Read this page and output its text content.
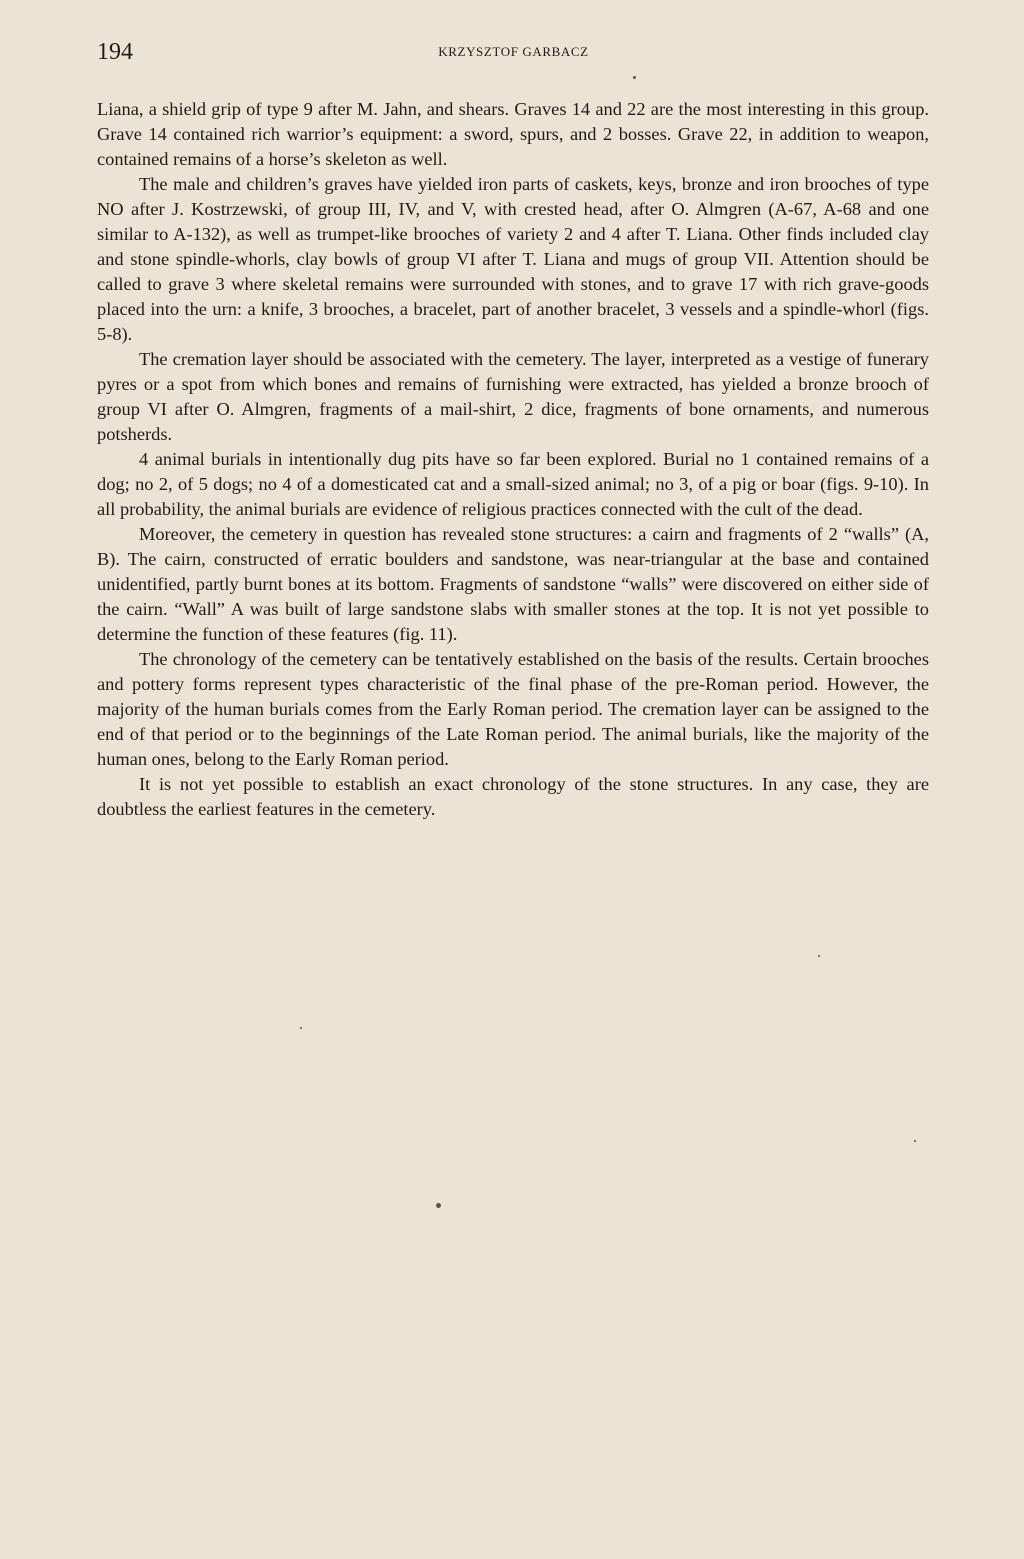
194	KRZYSZTOF GARBACZ

Liana, a shield grip of type 9 after M. Jahn, and shears. Graves 14 and 22 are the most interesting in this group. Grave 14 contained rich warrior’s equipment: a sword, spurs, and 2 bosses. Grave 22, in addition to weapon, contained remains of a horse’s skeleton as well.

The male and children’s graves have yielded iron parts of caskets, keys, bronze and iron brooches of type NO after J. Kostrzewski, of group III, IV, and V, with crested head, after O. Almgren (A-67, A-68 and one similar to A-132), as well as trumpet-like brooches of variety 2 and 4 after T. Liana. Other finds included clay and stone spindle-whorls, clay bowls of group VI after T. Liana and mugs of group VII. Attention should be called to grave 3 where skeletal remains were surrounded with stones, and to grave 17 with rich grave-goods placed into the urn: a knife, 3 brooches, a bracelet, part of another bracelet, 3 vessels and a spindle-whorl (figs. 5-8).

The cremation layer should be associated with the cemetery. The layer, interpreted as a vestige of funerary pyres or a spot from which bones and remains of furnishing were extracted, has yielded a bronze brooch of group VI after O. Almgren, fragments of a mail-shirt, 2 dice, fragments of bone ornaments, and numerous potsherds.

4 animal burials in intentionally dug pits have so far been explored. Burial no 1 contained remains of a dog; no 2, of 5 dogs; no 4 of a domesticated cat and a small-sized animal; no 3, of a pig or boar (figs. 9-10). In all probability, the animal burials are evidence of religious practices connected with the cult of the dead.

Moreover, the cemetery in question has revealed stone structures: a cairn and fragments of 2 “walls” (A, B). The cairn, constructed of erratic boulders and sandstone, was near-triangular at the base and contained unidentified, partly burnt bones at its bottom. Fragments of sandstone “walls” were discovered on either side of the cairn. “Wall” A was built of large sandstone slabs with smaller stones at the top. It is not yet possible to determine the function of these features (fig. 11).

The chronology of the cemetery can be tentatively established on the basis of the results. Certain brooches and pottery forms represent types characteristic of the final phase of the pre-Roman period. However, the majority of the human burials comes from the Early Roman period. The cremation layer can be assigned to the end of that period or to the beginnings of the Late Roman period. The animal burials, like the majority of the human ones, belong to the Early Roman period.

It is not yet possible to establish an exact chronology of the stone structures. In any case, they are doubtless the earliest features in the cemetery.
